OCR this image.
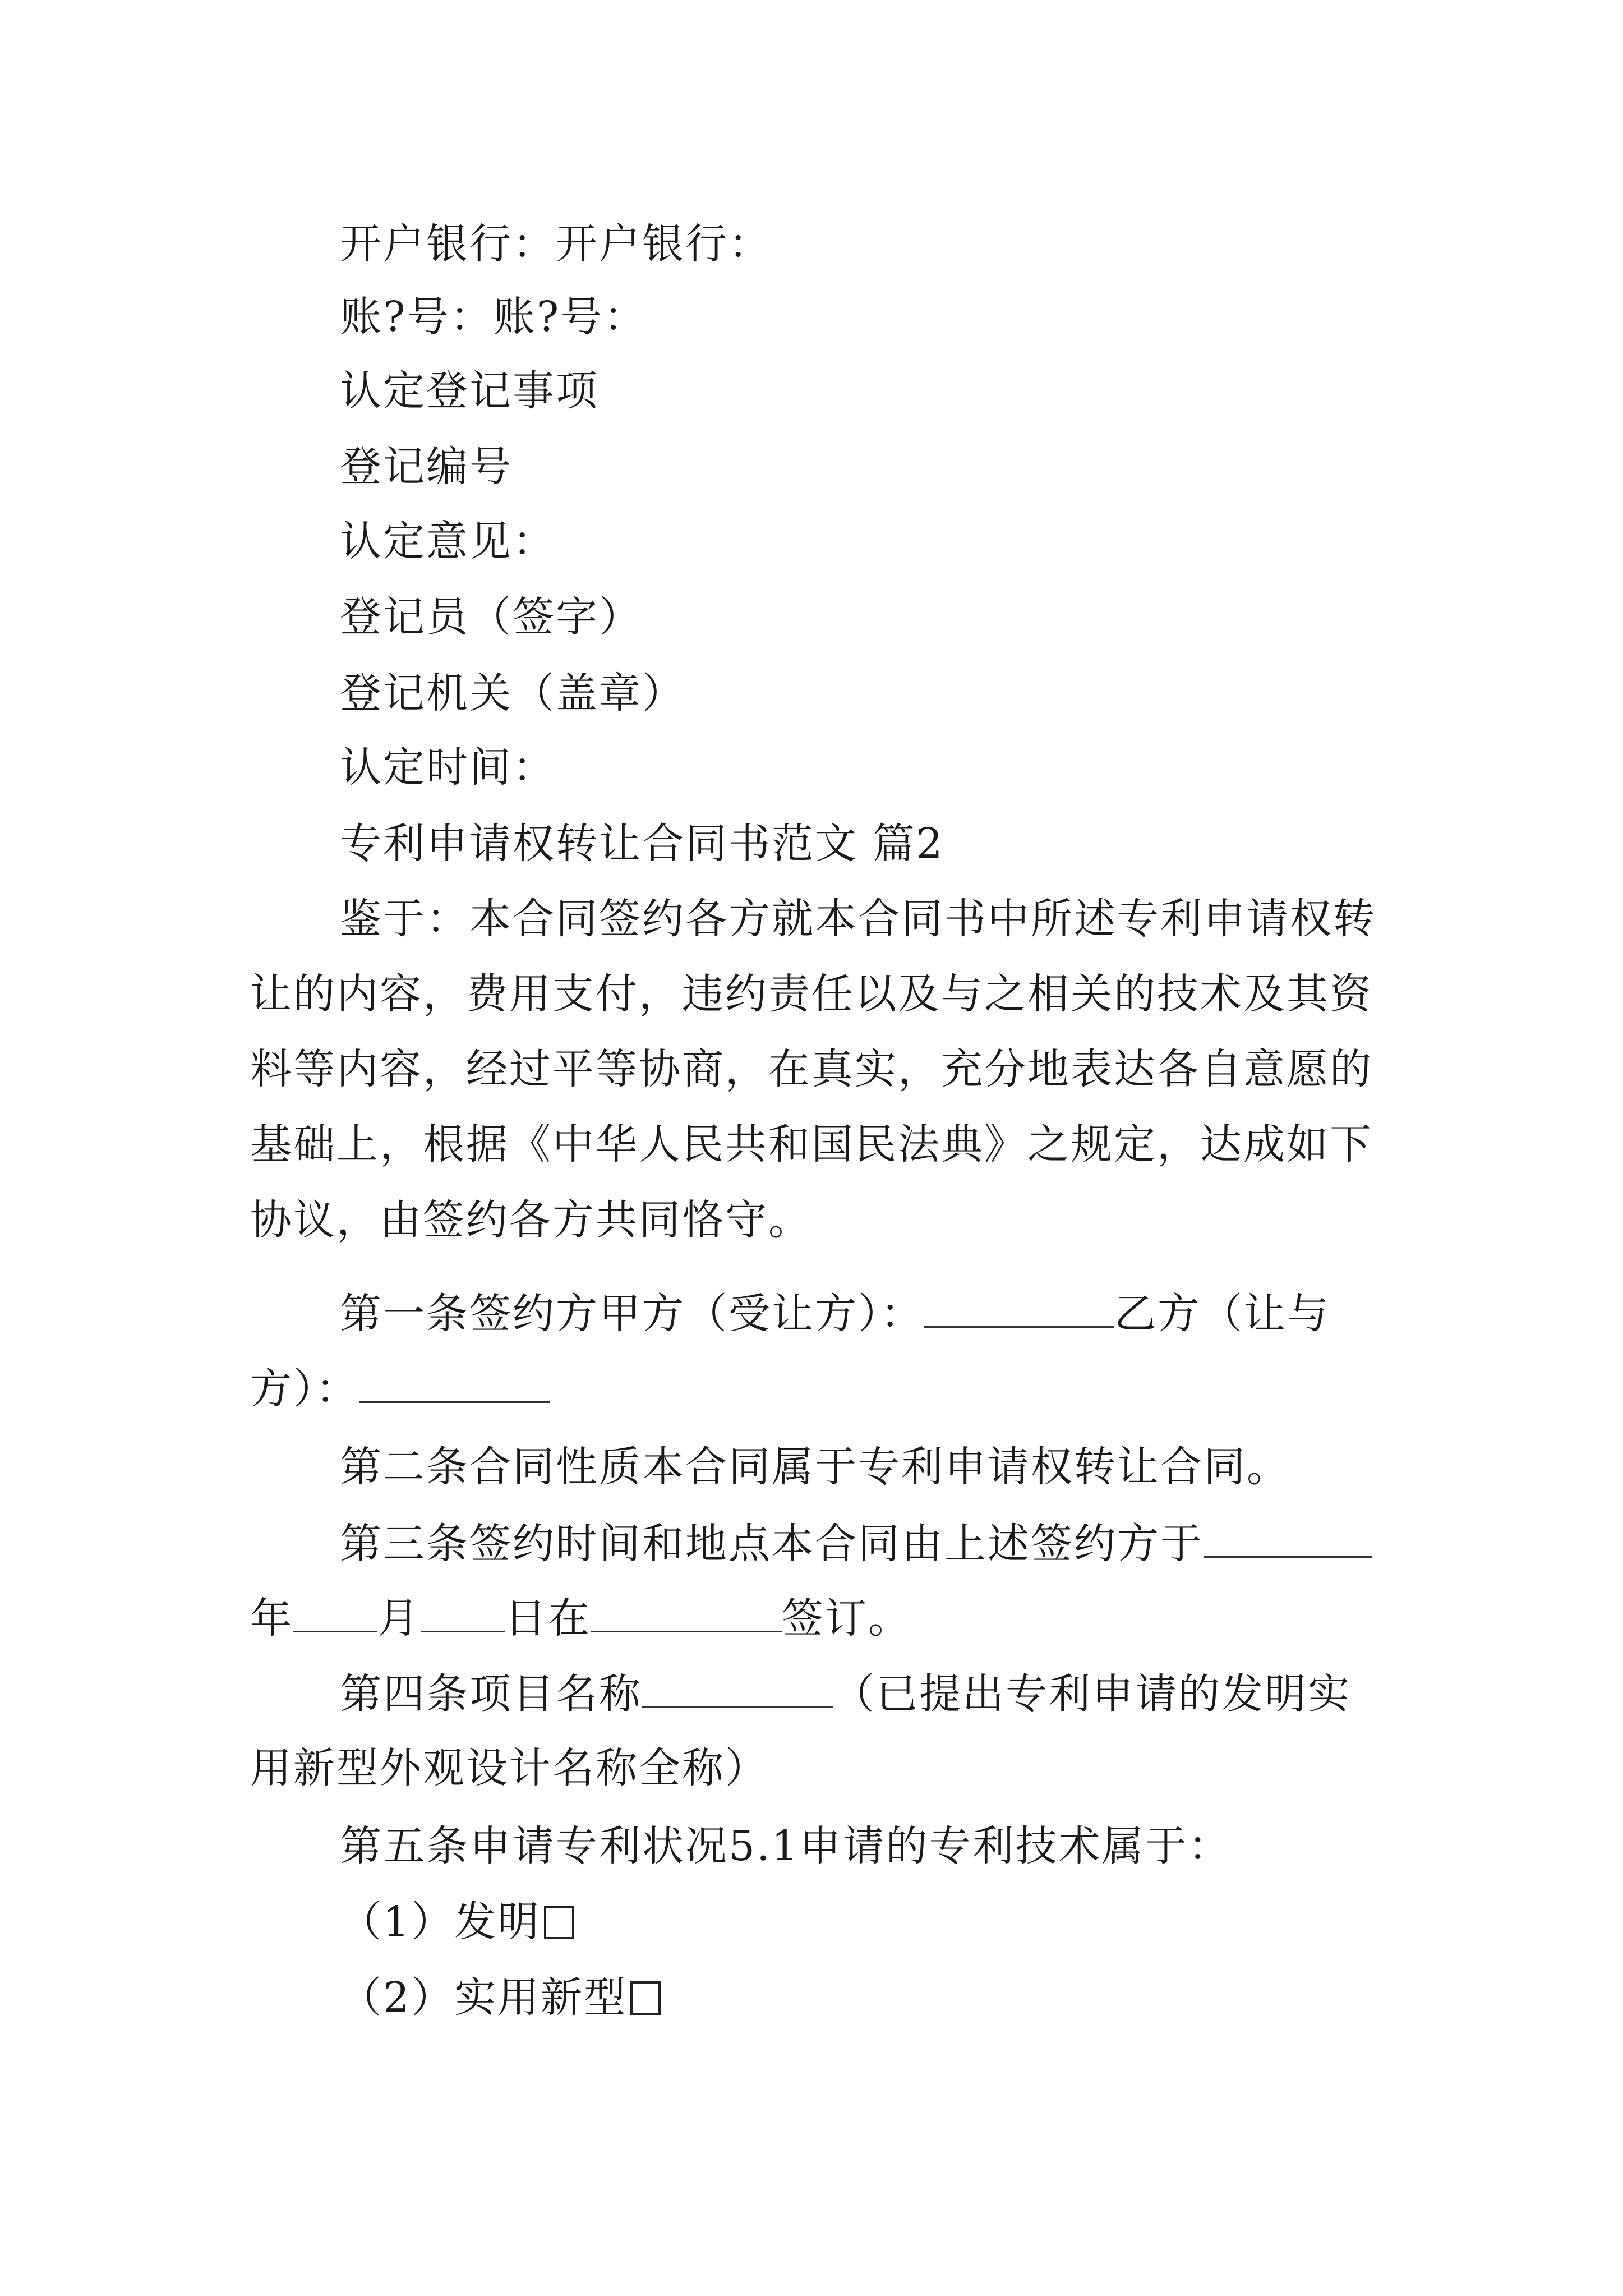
开户银行：开户银行：

账?号：账?号：

认定登记事项

登记编号

认定意见：

登记员（签字）

登记机关（盖章）

认定时间：

专利申请权转让合同书范文 篇2

鉴于：本合同签约各方就本合同书中所述专利申请权转

让的内容，费用支付，违约责任以及与之相关的技术及其资

料等内容，经过平等协商，在真实，充分地表达各自意愿的

基础上，根据《中华人民共和国民法典》之规定，达成如下

协议，由签约各方共同恪守。

第一条签约方甲方（受让方）：	乙方（让与

方）：

第二条合同性质本合同属于专利申请权转让合同。

第三条签约时间和地点本合同由上述签约方于

年 月 日在	签订。

第四条项目名称	（已提出专利申请的发明实

用新型外观设计名称全称）

第五条申请专利状况5.1申请的专利技术属于：

（1）发明

（2）实用新型
